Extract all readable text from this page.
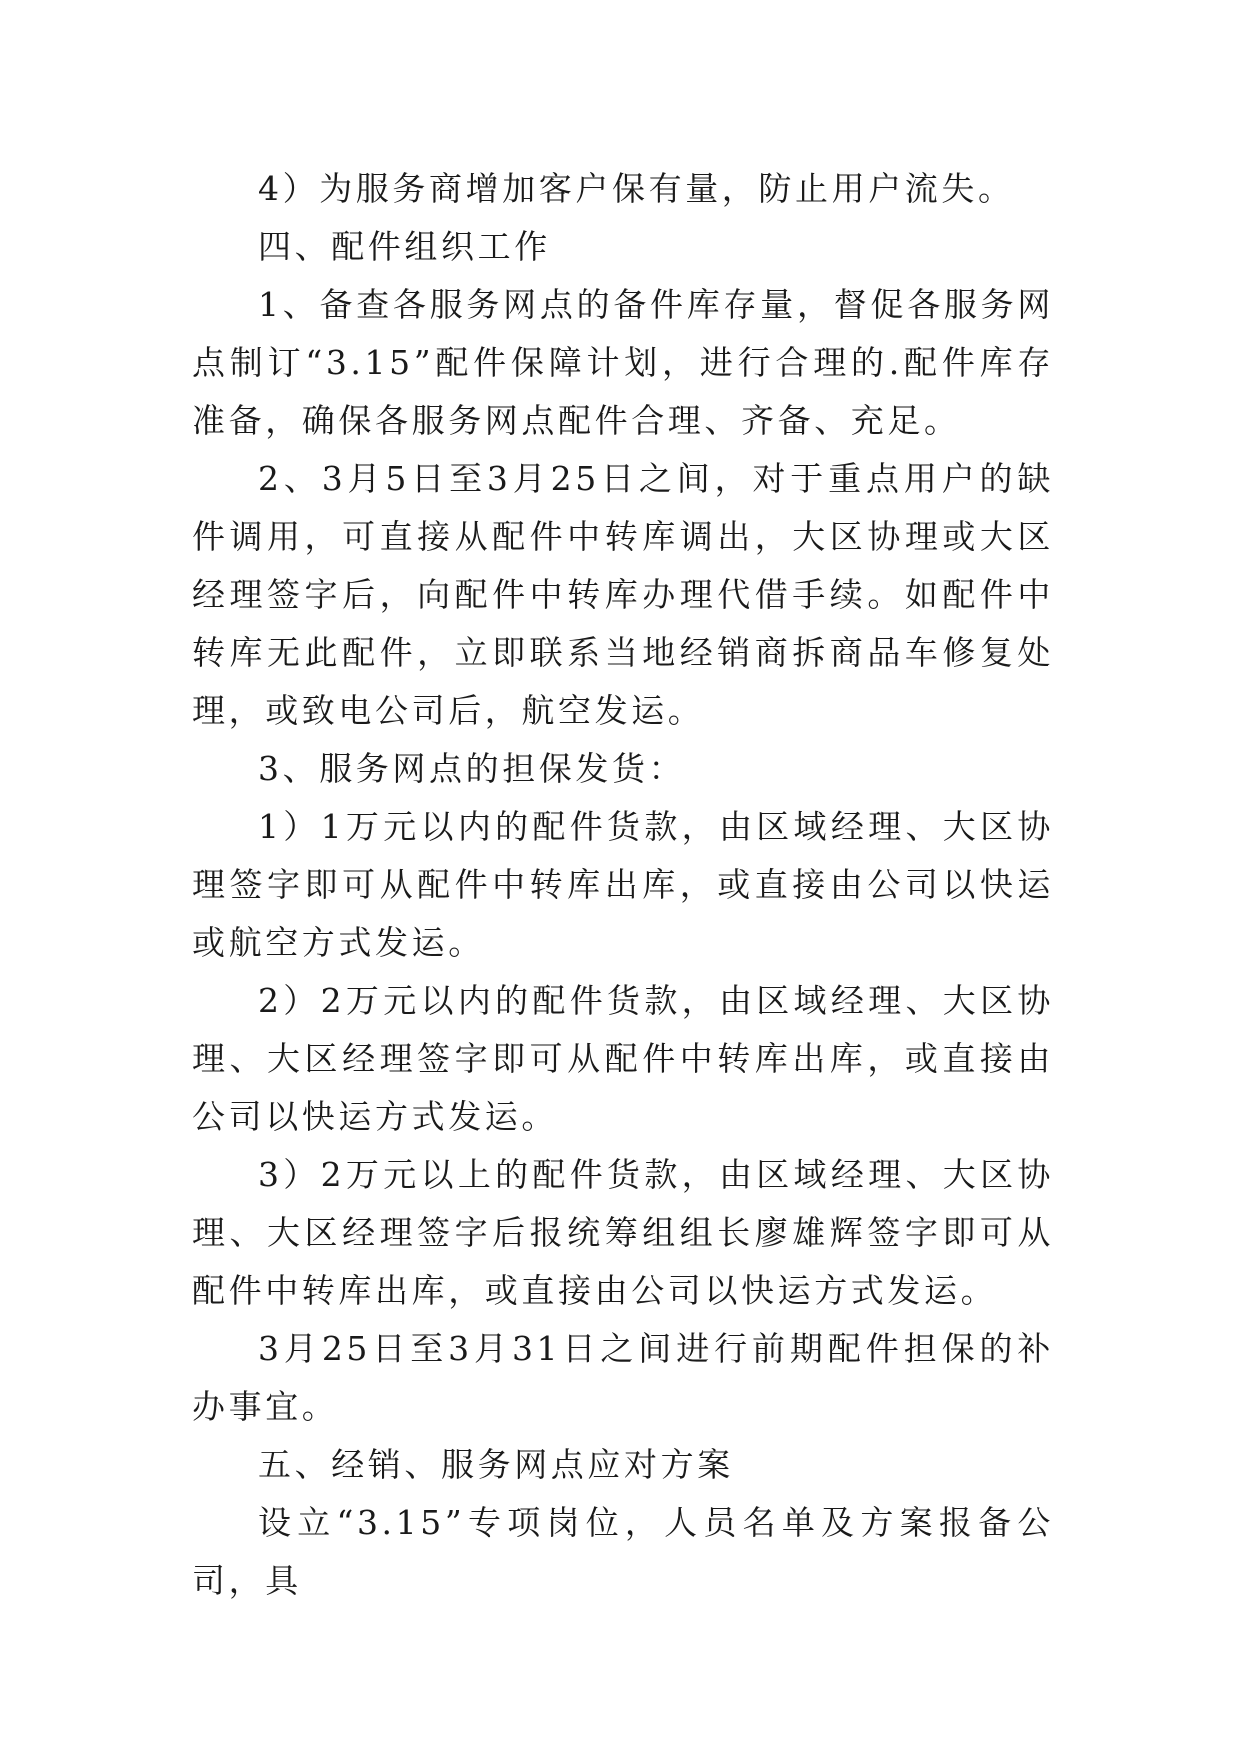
4）为服务商增加客户保有量，防止用户流失。

四、配件组织工作

1、备查各服务网点的备件库存量，督促各服务网点制订“3.15”配件保障计划，进行合理的.配件库存准备，确保各服务网点配件合理、齐备、充足。

2、3月5日至3月25日之间，对于重点用户的缺件调用，可直接从配件中转库调出，大区协理或大区经理签字后，向配件中转库办理代借手续。如配件中转库无此配件，立即联系当地经销商拆商品车修复处理，或致电公司后，航空发运。

3、服务网点的担保发货：

1）1万元以内的配件货款，由区域经理、大区协理签字即可从配件中转库出库，或直接由公司以快运或航空方式发运。

2）2万元以内的配件货款，由区域经理、大区协理、大区经理签字即可从配件中转库出库，或直接由公司以快运方式发运。

3）2万元以上的配件货款，由区域经理、大区协理、大区经理签字后报统筹组组长廖雄辉签字即可从配件中转库出库，或直接由公司以快运方式发运。

3月25日至3月31日之间进行前期配件担保的补办事宜。

五、经销、服务网点应对方案

设立“3.15”专项岗位，人员名单及方案报备公司，具
